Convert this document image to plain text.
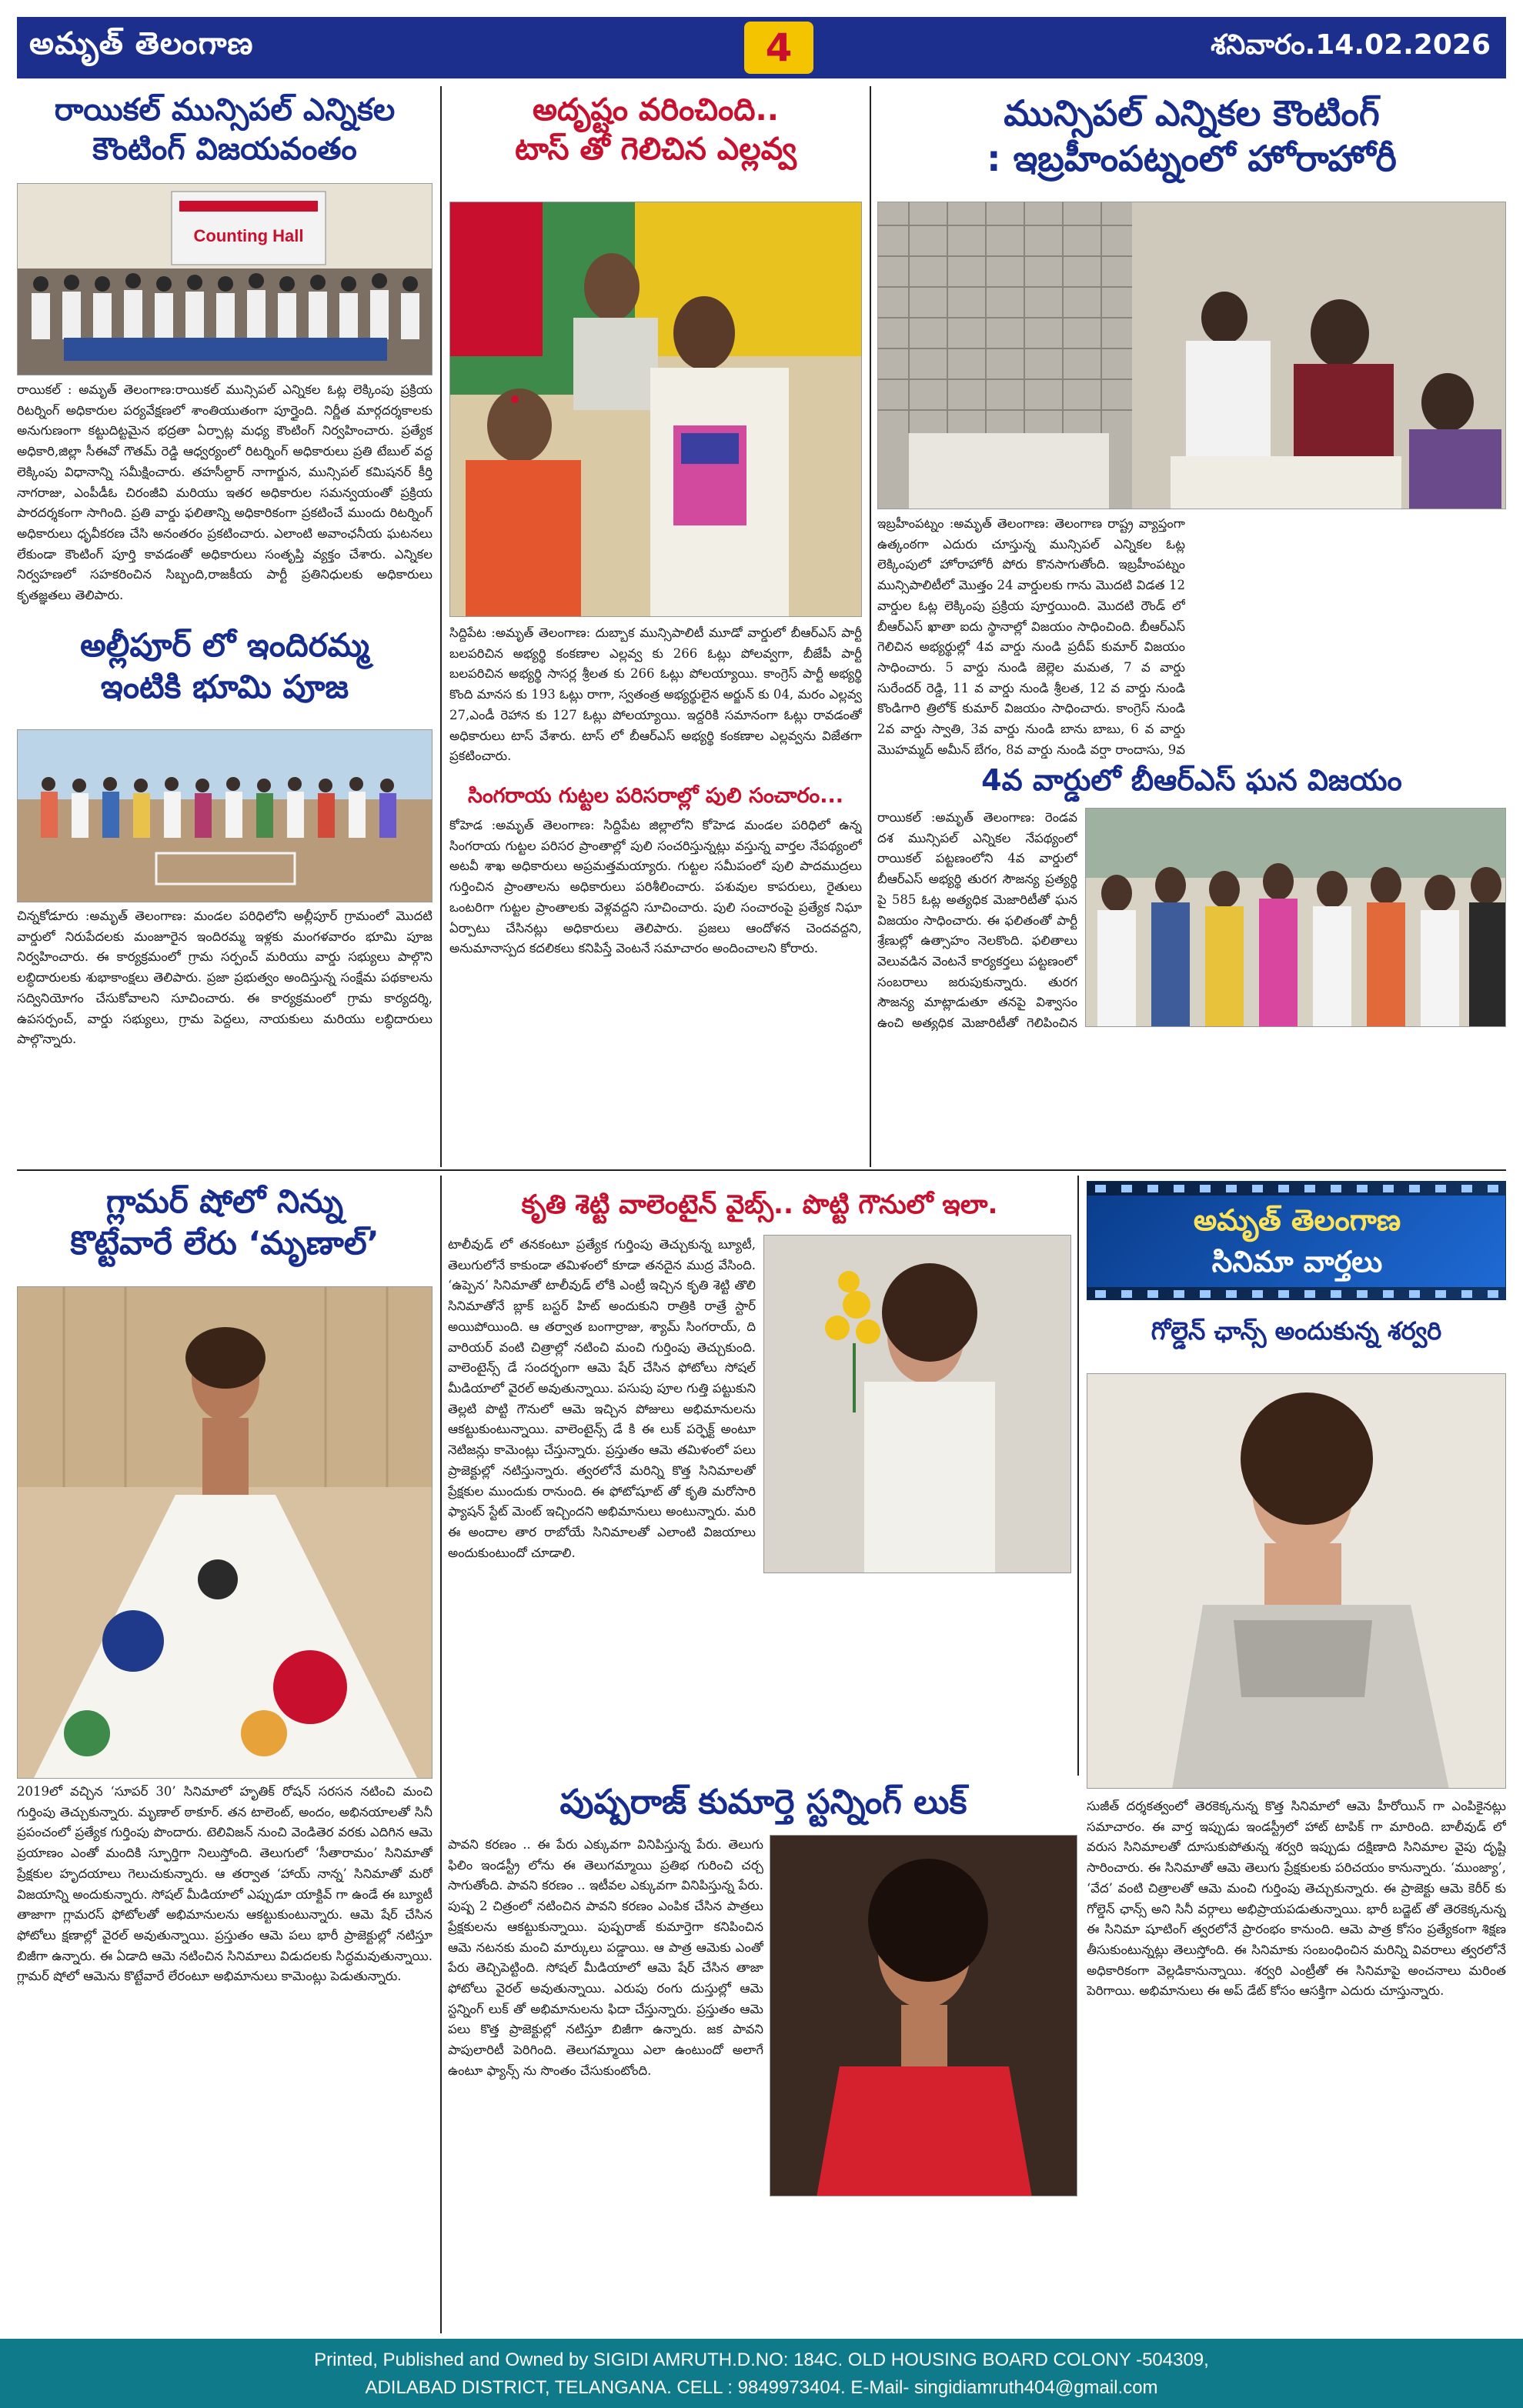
అమృత్ తెలంగాణ	4	శనివారం.14.02.2026
రాయికల్ మున్సిపల్ ఎన్నికల
కౌంటింగ్ విజయవంతం
Counting Hall
రాయికల్ : అమృత్ తెలంగాణ:రాయికల్ మున్సిపల్ ఎన్నికల ఓట్ల లెక్కింపు ప్రక్రియ రిటర్నింగ్ అధికారుల పర్యవేక్షణలో శాంతియుతంగా పూర్తైంది. నిర్ణీత మార్గదర్శకాలకు అనుగుణంగా కట్టుదిట్టమైన భద్రతా ఏర్పాట్ల మధ్య కౌంటింగ్ నిర్వహించారు. ప్రత్యేక అధికారి,జిల్లా సీఈవో గౌతమ్ రెడ్డి ఆధ్వర్యంలో రిటర్నింగ్ అధికారులు ప్రతి టేబుల్ వద్ద లెక్కింపు విధానాన్ని సమీక్షించారు. తహసీల్దార్ నాగార్జున, మున్సిపల్ కమిషనర్ కీర్తి నాగరాజు, ఎంపీడీఓ చిరంజీవి మరియు ఇతర అధికారుల సమన్వయంతో ప్రక్రియ పారదర్శకంగా సాగింది. ప్రతి వార్డు ఫలితాన్ని అధికారికంగా ప్రకటించే ముందు రిటర్నింగ్ అధికారులు ధృవీకరణ చేసి అనంతరం ప్రకటించారు. ఎలాంటి అవాంఛనీయ ఘటనలు లేకుండా కౌంటింగ్ పూర్తి కావడంతో అధికారులు సంతృప్తి వ్యక్తం చేశారు. ఎన్నికల నిర్వహణలో సహకరించిన సిబ్బంది,రాజకీయ పార్టీ ప్రతినిధులకు అధికారులు కృతజ్ఞతలు తెలిపారు.
అల్లీపూర్ లో ఇందిరమ్మ
ఇంటికి భూమి పూజ
చిన్నకోడూరు :అమృత్ తెలంగాణ: మండల పరిధిలోని అల్లీపూర్ గ్రామంలో మొదటి వార్డులో నిరుపేదలకు మంజూరైన ఇందిరమ్మ ఇళ్లకు మంగళవారం భూమి పూజ నిర్వహించారు. ఈ కార్యక్రమంలో గ్రామ సర్పంచ్ మరియు వార్డు సభ్యులు పాల్గొని లబ్ధిదారులకు శుభాకాంక్షలు తెలిపారు. ప్రజా ప్రభుత్వం అందిస్తున్న సంక్షేమ పథకాలను సద్వినియోగం చేసుకోవాలని సూచించారు. ఈ కార్యక్రమంలో గ్రామ కార్యదర్శి, ఉపసర్పంచ్, వార్డు సభ్యులు, గ్రామ పెద్దలు, నాయకులు మరియు లబ్ధిదారులు పాల్గొన్నారు.
అదృష్టం వరించింది..
టాస్ తో గెలిచిన ఎల్లవ్వ
సిద్దిపేట :అమృత్ తెలంగాణ: దుబ్బాక మున్సిపాలిటీ మూడో వార్డులో బీఆర్ఎస్ పార్టీ బలపరిచిన అభ్యర్థి కంకణాల ఎల్లవ్వ కు 266 ఓట్లు పోలవ్వగా, బీజేపీ పార్టీ బలపరిచిన అభ్యర్థి సాసర్ల శ్రీలత కు 266 ఓట్లు పోలయ్యాయి. కాంగ్రెస్ పార్టీ అభ్యర్థి కొంది మానస కు 193 ఓట్లు రాగా, స్వతంత్ర అభ్యర్థులైన అర్జున్ కు 04, మరం ఎల్లవ్వ 27,ఎండీ రెహాన కు 127 ఓట్లు పోలయ్యాయి. ఇద్దరికి సమానంగా ఓట్లు రావడంతో అధికారులు టాస్ వేశారు. టాస్ లో బీఆర్ఎస్ అభ్యర్థి కంకణాల ఎల్లవ్వను విజేతగా ప్రకటించారు.
సింగరాయ గుట్టల పరిసరాల్లో పులి సంచారం...
కోహెడ :అమృత్ తెలంగాణ: సిద్దిపేట జిల్లాలోని కోహెడ మండల పరిధిలో ఉన్న సింగరాయ గుట్టల పరిసర ప్రాంతాల్లో పులి సంచరిస్తున్నట్లు వస్తున్న వార్తల నేపథ్యంలో అటవీ శాఖ అధికారులు అప్రమత్తమయ్యారు. గుట్టల సమీపంలో పులి పాదముద్రలు గుర్తించిన ప్రాంతాలను అధికారులు పరిశీలించారు. పశువుల కాపరులు, రైతులు ఒంటరిగా గుట్టల ప్రాంతాలకు వెళ్లవద్దని సూచించారు. పులి సంచారంపై ప్రత్యేక నిఘా ఏర్పాటు చేసినట్లు అధికారులు తెలిపారు. ప్రజలు ఆందోళన చెందవద్దని, అనుమానాస్పద కదలికలు కనిపిస్తే వెంటనే సమాచారం అందించాలని కోరారు.
మున్సిపల్ ఎన్నికల కౌంటింగ్
: ఇబ్రహీంపట్నంలో హోరాహోరీ
ఇబ్రహీంపట్నం :అమృత్ తెలంగాణ: తెలంగాణ రాష్ట్ర వ్యాప్తంగా ఉత్కంఠగా ఎదురు చూస్తున్న మున్సిపల్ ఎన్నికల ఓట్ల లెక్కింపులో హోరాహోరీ పోరు కొనసాగుతోంది. ఇబ్రహీంపట్నం మున్సిపాలిటీలో మొత్తం 24 వార్డులకు గాను మొదటి విడత 12 వార్డుల ఓట్ల లెక్కింపు ప్రక్రియ పూర్తయింది. మొదటి రౌండ్ లో బీఆర్ఎస్ ఖాతా ఐదు స్థానాల్లో విజయం సాధించింది. బీఆర్ఎస్ గెలిచిన అభ్యర్థుల్లో 4వ వార్డు నుండి ప్రదీప్ కుమార్ విజయం సాధించారు. 5 వార్డు నుండి జెల్లెల మమత, 7 వ వార్డు సురేందర్ రెడ్డి, 11 వ వార్డు నుండి శ్రీలత, 12 వ వార్డు నుండి కొండిగారి త్రిలోక్ కుమార్ విజయం సాధించారు. కాంగ్రెస్ నుండి 2వ వార్డు స్వాతి, 3వ వార్డు నుండి బాను బాబు, 6 వ వార్డు మొహమ్మద్ అమీన్ బేగం, 8వ వార్డు నుండి వర్షా రాందాసు, 9వ
4వ వార్డులో బీఆర్ఎస్ ఘన విజయం
రాయికల్ :అమృత్ తెలంగాణ: రెండవ దశ మున్సిపల్ ఎన్నికల నేపథ్యంలో రాయికల్ పట్టణంలోని 4వ వార్డులో బీఆర్ఎస్ అభ్యర్థి తురగ సౌజన్య ప్రత్యర్థి పై 585 ఓట్ల అత్యధిక మెజారిటీతో ఘన విజయం సాధించారు. ఈ ఫలితంతో పార్టీ శ్రేణుల్లో ఉత్సాహం నెలకొంది. ఫలితాలు వెలువడిన వెంటనే కార్యకర్తలు పట్టణంలో సంబరాలు జరుపుకున్నారు. తురగ సౌజన్య మాట్లాడుతూ తనపై విశ్వాసం ఉంచి అత్యధిక మెజారిటీతో గెలిపించిన
గ్లామర్ షోలో నిన్ను
కొట్టేవారే లేరు ‘మృణాల్’
2019లో వచ్చిన ‘సూపర్ 30’ సినిమాలో హృతిక్ రోషన్ సరసన నటించి మంచి గుర్తింపు తెచ్చుకున్నారు. మృణాల్ ఠాకూర్. తన టాలెంట్, అందం, అభినయాలతో సినీ ప్రపంచంలో ప్రత్యేక గుర్తింపు పొందారు. టెలివిజన్ నుంచి వెండితెర వరకు ఎదిగిన ఆమె ప్రయాణం ఎంతో మందికి స్ఫూర్తిగా నిలుస్తోంది. తెలుగులో ‘సీతారామం’ సినిమాతో ప్రేక్షకుల హృదయాలు గెలుచుకున్నారు. ఆ తర్వాత ‘హాయ్ నాన్న’ సినిమాతో మరో విజయాన్ని అందుకున్నారు. సోషల్ మీడియాలో ఎప్పుడూ యాక్టివ్ గా ఉండే ఈ బ్యూటీ తాజాగా గ్లామరస్ ఫోటోలతో అభిమానులను ఆకట్టుకుంటున్నారు. ఆమె షేర్ చేసిన ఫోటోలు క్షణాల్లో వైరల్ అవుతున్నాయి. ప్రస్తుతం ఆమె పలు భారీ ప్రాజెక్టుల్లో నటిస్తూ బిజీగా ఉన్నారు. ఈ ఏడాది ఆమె నటించిన సినిమాలు విడుదలకు సిద్ధమవుతున్నాయి. గ్లామర్ షోలో ఆమెను కొట్టేవారే లేరంటూ అభిమానులు కామెంట్లు పెడుతున్నారు.
కృతి శెట్టి వాలెంటైన్ వైబ్స్.. పొట్టి గౌనులో ఇలా.
టాలీవుడ్ లో తనకంటూ ప్రత్యేక గుర్తింపు తెచ్చుకున్న బ్యూటీ, తెలుగులోనే కాకుండా తమిళంలో కూడా తనదైన ముద్ర వేసింది. ‘ఉప్పెన’ సినిమాతో టాలీవుడ్ లోకి ఎంట్రీ ఇచ్చిన కృతి శెట్టి తొలి సినిమాతోనే బ్లాక్ బస్టర్ హిట్ అందుకుని రాత్రికి రాత్రే స్టార్ అయిపోయింది. ఆ తర్వాత బంగార్రాజు, శ్యామ్ సింగరాయ్, ది వారియర్ వంటి చిత్రాల్లో నటించి మంచి గుర్తింపు తెచ్చుకుంది. వాలెంటైన్స్ డే సందర్భంగా ఆమె షేర్ చేసిన ఫోటోలు సోషల్ మీడియాలో వైరల్ అవుతున్నాయి. పసుపు పూల గుత్తి పట్టుకుని తెల్లటి పొట్టి గౌనులో ఆమె ఇచ్చిన పోజులు అభిమానులను ఆకట్టుకుంటున్నాయి. వాలెంటైన్స్ డే కి ఈ లుక్ పర్ఫెక్ట్ అంటూ నెటిజన్లు కామెంట్లు చేస్తున్నారు. ప్రస్తుతం ఆమె తమిళంలో పలు ప్రాజెక్టుల్లో నటిస్తున్నారు. త్వరలోనే మరిన్ని కొత్త సినిమాలతో ప్రేక్షకుల ముందుకు రానుంది. ఈ ఫోటోషూట్ తో కృతి మరోసారి ఫ్యాషన్ స్టేట్ మెంట్ ఇచ్చిందని అభిమానులు అంటున్నారు. మరి ఈ అందాల తార రాబోయే సినిమాలతో ఎలాంటి విజయాలు అందుకుంటుందో చూడాలి.
అమృత్ తెలంగాణ
సినిమా వార్తలు
గోల్డెన్ ఛాన్స్ అందుకున్న శర్వరి
సుజీత్ దర్శకత్వంలో తెరకెక్కనున్న కొత్త సినిమాలో ఆమె హీరోయిన్ గా ఎంపికైనట్లు సమాచారం. ఈ వార్త ఇప్పుడు ఇండస్ట్రీలో హాట్ టాపిక్ గా మారింది. బాలీవుడ్ లో వరుస సినిమాలతో దూసుకుపోతున్న శర్వరి ఇప్పుడు దక్షిణాది సినిమాల వైపు దృష్టి సారించారు. ఈ సినిమాతో ఆమె తెలుగు ప్రేక్షకులకు పరిచయం కానున్నారు. ‘ముంజ్యా’, ‘వేద’ వంటి చిత్రాలతో ఆమె మంచి గుర్తింపు తెచ్చుకున్నారు. ఈ ప్రాజెక్టు ఆమె కెరీర్ కు గోల్డెన్ ఛాన్స్ అని సినీ వర్గాలు అభిప్రాయపడుతున్నాయి. భారీ బడ్జెట్ తో తెరకెక్కనున్న ఈ సినిమా షూటింగ్ త్వరలోనే ప్రారంభం కానుంది. ఆమె పాత్ర కోసం ప్రత్యేకంగా శిక్షణ తీసుకుంటున్నట్లు తెలుస్తోంది. ఈ సినిమాకు సంబంధించిన మరిన్ని వివరాలు త్వరలోనే అధికారికంగా వెల్లడికానున్నాయి. శర్వరి ఎంట్రీతో ఈ సినిమాపై అంచనాలు మరింత పెరిగాయి. అభిమానులు ఈ అప్ డేట్ కోసం ఆసక్తిగా ఎదురు చూస్తున్నారు.
పుష్పరాజ్ కుమార్తె స్టన్నింగ్ లుక్
పావని కరణం .. ఈ పేరు ఎక్కువగా వినిపిస్తున్న పేరు. తెలుగు ఫిలిం ఇండస్ట్రీ లోను ఈ తెలుగమ్మాయి ప్రతిభ గురించి చర్చ సాగుతోంది. పావని కరణం .. ఇటీవల ఎక్కువగా వినిపిస్తున్న పేరు. పుష్ప 2 చిత్రంలో నటించిన పావని కరణం ఎంపిక చేసిన పాత్రలు ప్రేక్షకులను ఆకట్టుకున్నాయి. పుష్పరాజ్ కుమార్తెగా కనిపించిన ఆమె నటనకు మంచి మార్కులు పడ్డాయి. ఆ పాత్ర ఆమెకు ఎంతో పేరు తెచ్చిపెట్టింది. సోషల్ మీడియాలో ఆమె షేర్ చేసిన తాజా ఫోటోలు వైరల్ అవుతున్నాయి. ఎరుపు రంగు దుస్తుల్లో ఆమె స్టన్నింగ్ లుక్ తో అభిమానులను ఫిదా చేస్తున్నారు. ప్రస్తుతం ఆమె పలు కొత్త ప్రాజెక్టుల్లో నటిస్తూ బిజీగా ఉన్నారు. జక పావని పాపులారిటీ పెరిగింది. తెలుగమ్మాయి ఎలా ఉంటుందో అలాగే ఉంటూ ఫ్యాన్స్ ను సొంతం చేసుకుంటోంది.
Printed, Published and Owned by SIGIDI AMRUTH.D.NO: 184C. OLD HOUSING BOARD COLONY -504309,
ADILABAD DISTRICT, TELANGANA. CELL : 9849973404. E-Mail- singidiamruth404@gmail.com
